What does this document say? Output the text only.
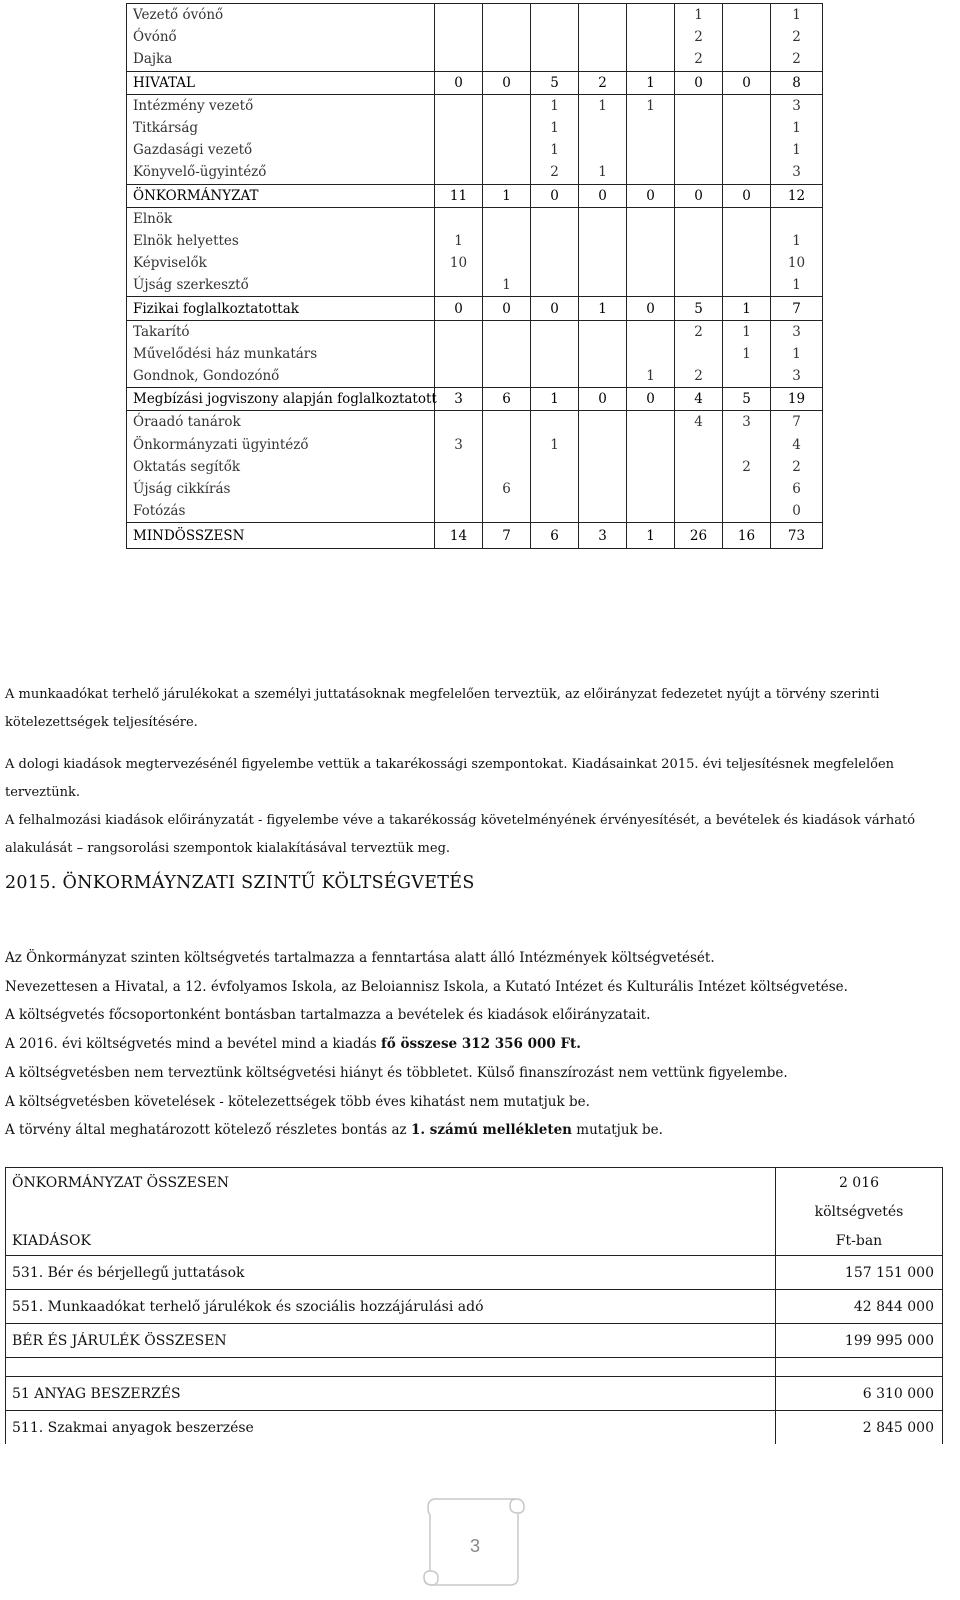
Vezető óvónő						1		1
Óvónő						2		2
Dajka						2		2
HIVATAL	0	0	5	2	1	0	0	8
Intézmény vezető			1	1	1			3
Titkárság			1					1
Gazdasági vezető			1					1
Könyvelő-ügyintéző			2	1				3
ÖNKORMÁNYZAT	11	1	0	0	0	0	0	12
Elnök								
Elnök helyettes	1							1
Képviselők	10							10
Újság szerkesztő		1						1
Fizikai foglalkoztatottak	0	0	0	1	0	5	1	7
Takarító						2	1	3
Művelődési ház munkatárs							1	1
Gondnok, Gondozónő					1	2		3
Megbízási jogviszony alapján foglalkoztatott	3	6	1	0	0	4	5	19
Óraadó tanárok						4	3	7
Önkormányzati ügyintéző	3		1					4
Oktatás segítők							2	2
Újság cikkírás		6						6
Fotózás								0
MINDÖSSZESN	14	7	6	3	1	26	16	73

A munkaadókat terhelő járulékokat a személyi juttatásoknak megfelelően terveztük, az előirányzat fedezetet nyújt a törvény szerinti kötelezettségek teljesítésére.

A dologi kiadások megtervezésénél figyelembe vettük a takarékossági szempontokat. Kiadásainkat 2015. évi teljesítésnek megfelelően terveztünk.

A felhalmozási kiadások előirányzatát - figyelembe véve a takarékosság követelményének érvényesítését, a bevételek és kiadások várható alakulását – rangsorolási szempontok kialakításával terveztük meg.

2015. ÖNKORMÁYNZATI SZINTŰ KÖLTSÉGVETÉS

Az Önkormányzat szinten költségvetés tartalmazza a fenntartása alatt álló Intézmények költségvetését.

Nevezettesen a Hivatal, a 12. évfolyamos Iskola, az Beloiannisz Iskola, a Kutató Intézet és Kulturális Intézet költségvetése.

A költségvetés főcsoportonként bontásban tartalmazza a bevételek és kiadások előirányzatait.

A 2016. évi költségvetés mind a bevétel mind a kiadás fő összese 312 356 000 Ft.

A költségvetésben nem terveztünk költségvetési hiányt és többletet. Külső finanszírozást nem vettünk figyelembe.

A költségvetésben követelések - kötelezettségek több éves kihatást nem mutatjuk be.

A törvény által meghatározott kötelező részletes bontás az 1. számú mellékleten mutatjuk be.

ÖNKORMÁNYZAT ÖSSZESEN	2 016
	költségvetés
KIADÁSOK	Ft-ban
531. Bér és bérjellegű juttatások	157 151 000
551. Munkaadókat terhelő járulékok és szociális hozzájárulási adó	42 844 000
BÉR ÉS JÁRULÉK ÖSSZESEN	199 995 000

51 ANYAG BESZERZÉS	6 310 000
511. Szakmai anyagok beszerzése	2 845 000
3
